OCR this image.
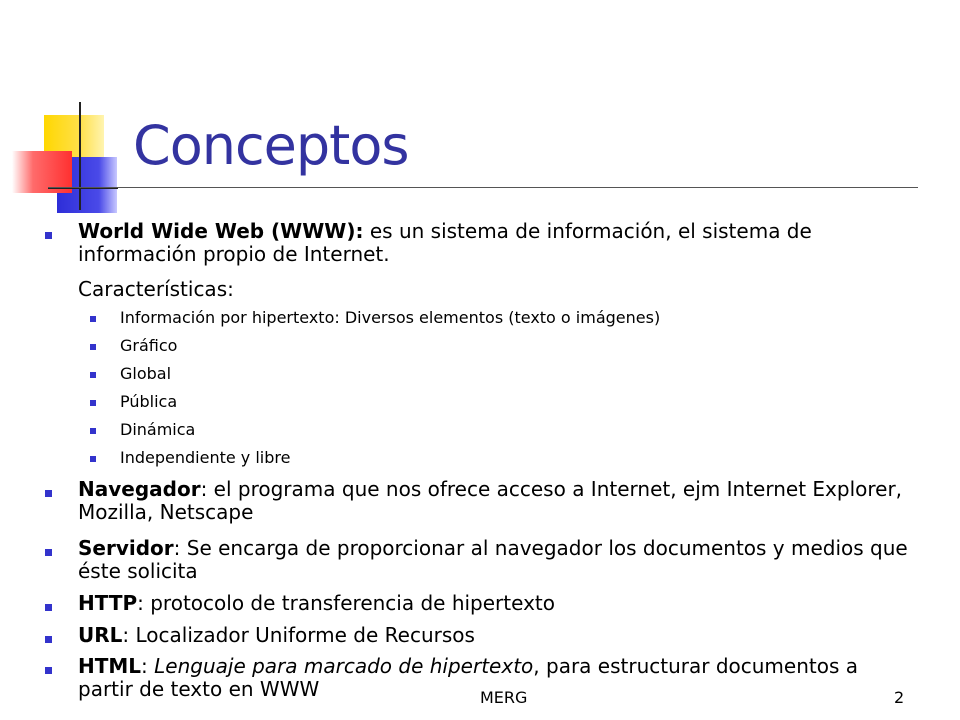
Conceptos
World Wide Web (WWW): es un sistema de información, el sistema de información propio de Internet.
Características:
Información por hipertexto: Diversos elementos (texto o imágenes)
Gráfico
Global
Pública
Dinámica
Independiente y libre
Navegador: el programa que nos ofrece acceso a Internet, ejm Internet Explorer, Mozilla, Netscape
Servidor: Se encarga de proporcionar al navegador los documentos y medios que éste solicita
HTTP: protocolo de transferencia de hipertexto
URL: Localizador Uniforme de Recursos
HTML: Lenguaje para marcado de hipertexto, para estructurar documentos a partir de texto en WWW	MERG	2
